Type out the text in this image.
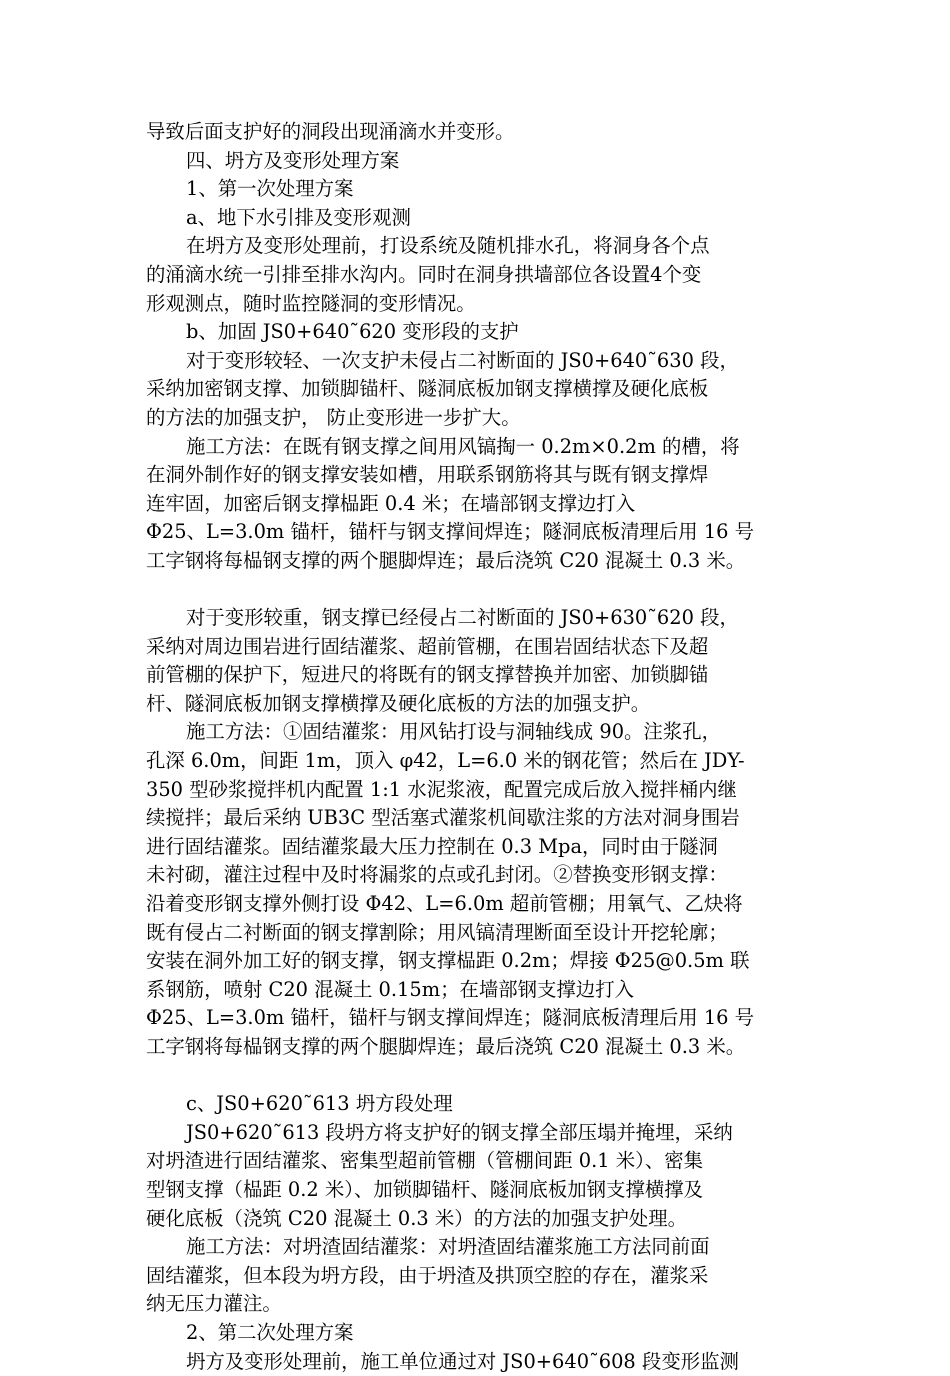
导致后面支护好的洞段出现涌滴水并变形。
四、坍方及变形处理方案
1、第一次处理方案
a、地下水引排及变形观测
在坍方及变形处理前，打设系统及随机排水孔，将洞身各个点
的涌滴水统一引排至排水沟内。同时在洞身拱墙部位各设置4个变
形观测点，随时监控隧洞的变形情况。
b、加固 JS0+640˜620 变形段的支护
对于变形较轻、一次支护未侵占二衬断面的 JS0+640˜630 段，
采纳加密钢支撑、加锁脚锚杆、隧洞底板加钢支撑横撑及硬化底板
的方法的加强支护， 防止变形进一步扩大。
施工方法：在既有钢支撑之间用风镐掏一 0.2m×0.2m 的槽，将
在洞外制作好的钢支撑安装如槽，用联系钢筋将其与既有钢支撑焊
连牢固，加密后钢支撑榀距 0.4 米；在墙部钢支撑边打入
Φ25、L=3.0m 锚杆，锚杆与钢支撑间焊连；隧洞底板清理后用 16 号
工字钢将每榀钢支撑的两个腿脚焊连；最后浇筑 C20 混凝土 0.3 米。
对于变形较重，钢支撑已经侵占二衬断面的 JS0+630˜620 段，
采纳对周边围岩进行固结灌浆、超前管棚，在围岩固结状态下及超
前管棚的保护下，短进尺的将既有的钢支撑替换并加密、加锁脚锚
杆、隧洞底板加钢支撑横撑及硬化底板的方法的加强支护。
施工方法：①固结灌浆：用风钻打设与洞轴线成 90。注浆孔，
孔深 6.0m，间距 1m，顶入 φ42，L=6.0 米的钢花管；然后在 JDY-
350 型砂浆搅拌机内配置 1:1 水泥浆液，配置完成后放入搅拌桶内继
续搅拌；最后采纳 UB3C 型活塞式灌浆机间歇注浆的方法对洞身围岩
进行固结灌浆。固结灌浆最大压力控制在 0.3 Mpa，同时由于隧洞
未衬砌，灌注过程中及时将漏浆的点或孔封闭。②替换变形钢支撑：
沿着变形钢支撑外侧打设 Φ42、L=6.0m 超前管棚；用氧气、乙炔将
既有侵占二衬断面的钢支撑割除；用风镐清理断面至设计开挖轮廓；
安装在洞外加工好的钢支撑，钢支撑榀距 0.2m；焊接 Φ25@0.5m 联
系钢筋，喷射 C20 混凝土 0.15m；在墙部钢支撑边打入
Φ25、L=3.0m 锚杆，锚杆与钢支撑间焊连；隧洞底板清理后用 16 号
工字钢将每榀钢支撑的两个腿脚焊连；最后浇筑 C20 混凝土 0.3 米。
c、JS0+620˜613 坍方段处理
JS0+620˜613 段坍方将支护好的钢支撑全部压塌并掩埋，采纳
对坍渣进行固结灌浆、密集型超前管棚（管棚间距 0.1 米）、密集
型钢支撑（榀距 0.2 米）、加锁脚锚杆、隧洞底板加钢支撑横撑及
硬化底板（浇筑 C20 混凝土 0.3 米）的方法的加强支护处理。
施工方法：对坍渣固结灌浆：对坍渣固结灌浆施工方法同前面
固结灌浆，但本段为坍方段，由于坍渣及拱顶空腔的存在，灌浆采
纳无压力灌注。
2、第二次处理方案
坍方及变形处理前，施工单位通过对 JS0+640˜608 段变形监测
